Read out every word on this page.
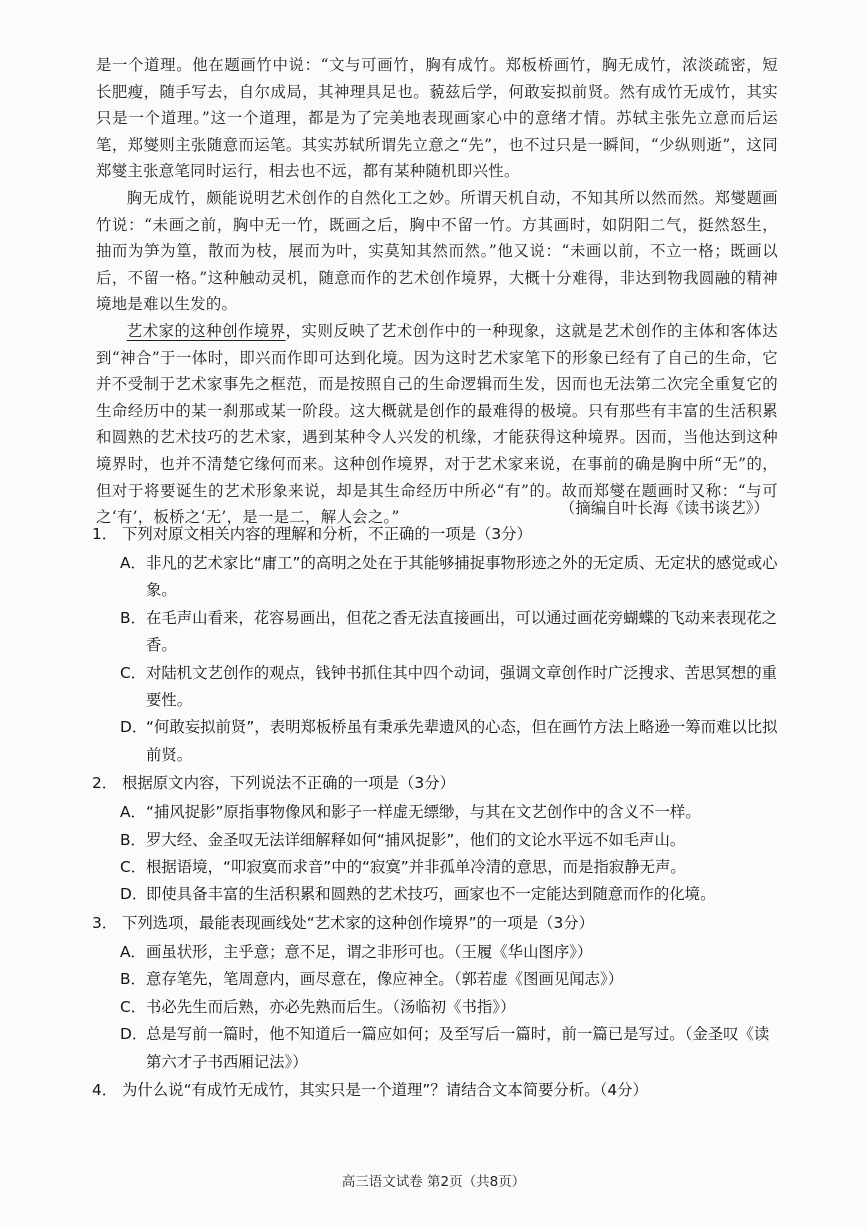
是一个道理。他在题画竹中说：“文与可画竹，胸有成竹。郑板桥画竹，胸无成竹，浓淡疏密，短长肥瘦，随手写去，自尔成局，其神理具足也。藐兹后学，何敢妄拟前贤。然有成竹无成竹，其实只是一个道理。”这一个道理，都是为了完美地表现画家心中的意绪才情。苏轼主张先立意而后运笔，郑燮则主张随意而运笔。其实苏轼所谓先立意之“先”，也不过只是一瞬间，“少纵则逝”，这同郑燮主张意笔同时运行，相去也不远，都有某种随机即兴性。

胸无成竹，颇能说明艺术创作的自然化工之妙。所谓天机自动，不知其所以然而然。郑燮题画竹说：“未画之前，胸中无一竹，既画之后，胸中不留一竹。方其画时，如阴阳二气，挺然怒生，抽而为笋为篁，散而为枝，展而为叶，实莫知其然而然。”他又说：“未画以前，不立一格；既画以后，不留一格。”这种触动灵机，随意而作的艺术创作境界，大概十分难得，非达到物我圆融的精神境地是难以生发的。

艺术家的这种创作境界，实则反映了艺术创作中的一种现象，这就是艺术创作的主体和客体达到“神合”于一体时，即兴而作即可达到化境。因为这时艺术家笔下的形象已经有了自己的生命，它并不受制于艺术家事先之框范，而是按照自己的生命逻辑而生发，因而也无法第二次完全重复它的生命经历中的某一刹那或某一阶段。这大概就是创作的最难得的极境。只有那些有丰富的生活积累和圆熟的艺术技巧的艺术家，遇到某种令人兴发的机缘，才能获得这种境界。因而，当他达到这种境界时，也并不清楚它缘何而来。这种创作境界，对于艺术家来说，在事前的确是胸中所“无”的，但对于将要诞生的艺术形象来说，却是其生命经历中所必“有”的。故而郑燮在题画时又称：“与可之‘有’，板桥之‘无’，是一是二，解人会之。”

（摘编自叶长海《读书谈艺》）
1． 下列对原文相关内容的理解和分析，不正确的一项是（3分）
A． 非凡的艺术家比“庸工”的高明之处在于其能够捕捉事物形迹之外的无定质、无定状的感觉或心象。
B． 在毛声山看来，花容易画出，但花之香无法直接画出，可以通过画花旁蝴蝶的飞动来表现花之香。
C． 对陆机文艺创作的观点，钱钟书抓住其中四个动词，强调文章创作时广泛搜求、苦思冥想的重要性。
D．
“何敢妄拟前贤”，表明郑板桥虽有秉承先辈遗风的心态，但在画竹方法上略逊一筹而难以比拟前贤。
2． 根据原文内容，下列说法不正确的一项是（3分）
A． “捕风捉影”原指事物像风和影子一样虚无缥缈，与其在文艺创作中的含义不一样。
B． 罗大经、金圣叹无法详细解释如何“捕风捉影”，他们的文论水平远不如毛声山。
C． 根据语境，“叩寂寞而求音”中的“寂寞”并非孤单冷清的意思，而是指寂静无声。
D．
即使具备丰富的生活积累和圆熟的艺术技巧，画家也不一定能达到随意而作的化境。
3． 下列选项，最能表现画线处“艺术家的这种创作境界”的一项是（3分）
A． 画虽状形，主乎意；意不足，谓之非形可也。（王履《华山图序》）
B． 意存笔先，笔周意内，画尽意在，像应神全。（郭若虚《图画见闻志》）
C． 书必先生而后熟，亦必先熟而后生。（汤临初《书指》）
D．
总是写前一篇时，他不知道后一篇应如何；及至写后一篇时，前一篇已是写过。（金圣叹《读第六才子书西厢记法》）
4． 为什么说“有成竹无成竹，其实只是一个道理”？请结合文本简要分析。（4分）
高三语文试卷 第2页（共8页）
